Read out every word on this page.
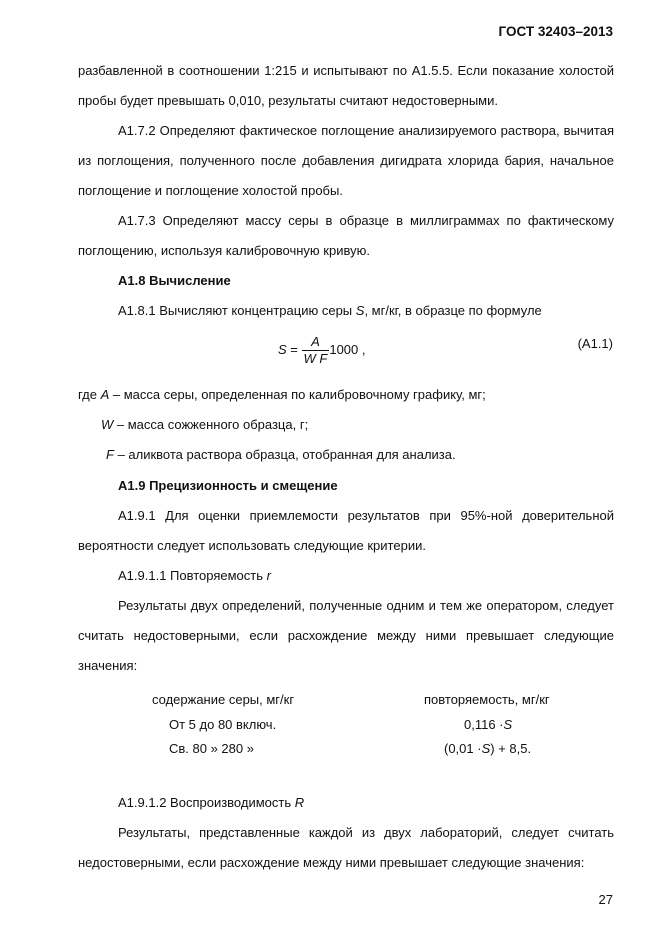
ГОСТ 32403–2013

разбавленной в соотношении 1:215 и испытывают по А1.5.5. Если показание холостой пробы будет превышать 0,010, результаты считают недостоверными.

А1.7.2 Определяют фактическое поглощение анализируемого раствора, вычитая из поглощения, полученного после добавления дигидрата хлорида бария, начальное поглощение и поглощение холостой пробы.

А1.7.3 Определяют массу серы в образце в миллиграммах по фактическому поглощению, используя калибровочную кривую.

А1.8 Вычисление

А1.8.1 Вычисляют концентрацию серы S, мг/кг, в образце по формуле

$S = \frac{A}{\text{W F}} 1000$ ,	(А1.1)
где A – масса серы, определенная по калибровочному графику, мг;
W – масса сожженного образца, г;
F – аликвота раствора образца, отобранная для анализа.

А1.9 Прецизионность и смещение

А1.9.1 Для оценки приемлемости результатов при 95%-ной доверительной вероятности следует использовать следующие критерии.

А1.9.1.1 Повторяемость r

Результаты двух определений, полученные одним и тем же оператором, следует считать недостоверными, если расхождение между ними превышает следующие значения:

содержание серы, мг/кг	повторяемость, мг/кг
От 5 до 80 включ.	0,116 ·S
Св. 80 » 280 »	(0,01 ·S) + 8,5.

А1.9.1.2 Воспроизводимость R

Результаты, представленные каждой из двух лабораторий, следует считать недостоверными, если расхождение между ними превышает следующие значения:

27
